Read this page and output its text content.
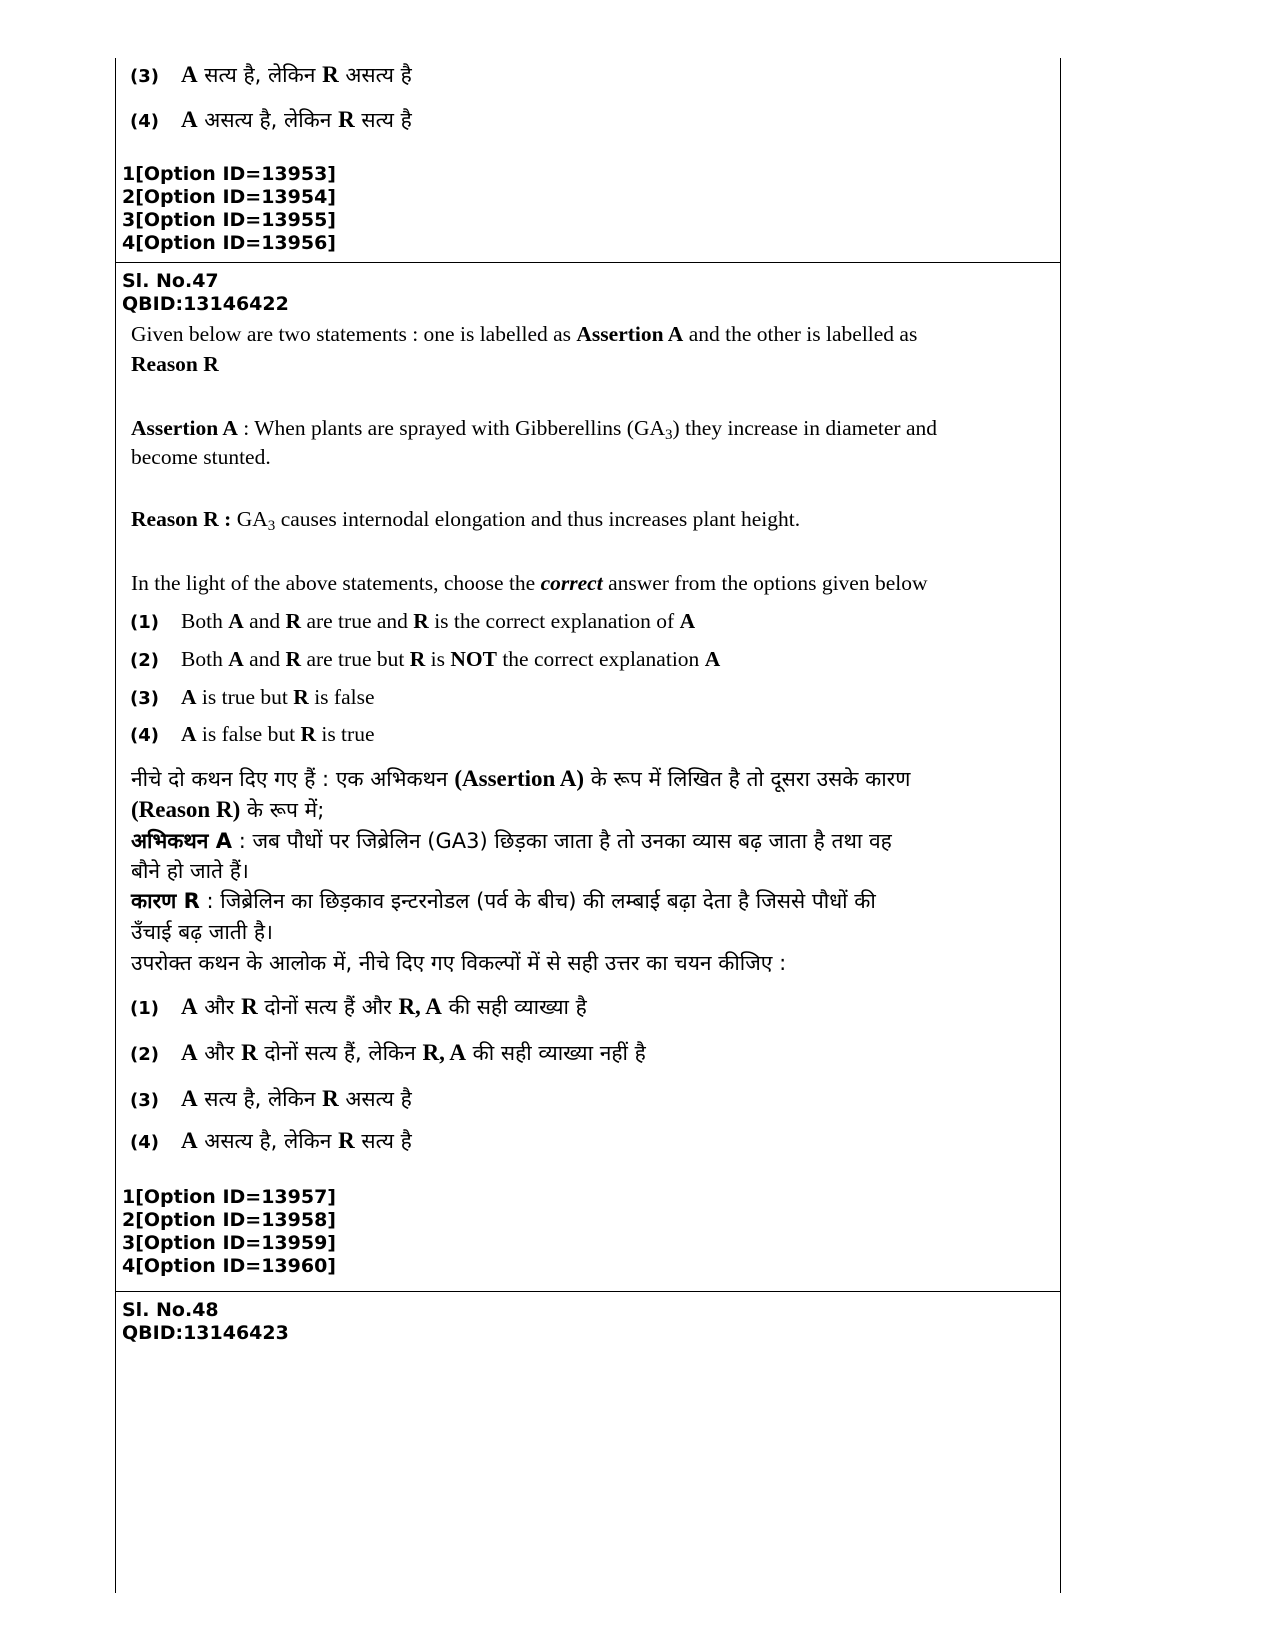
(3) A सत्य है, लेकिन R असत्य है
(4) A असत्य है, लेकिन R सत्य है
1[Option ID=13953]
2[Option ID=13954]
3[Option ID=13955]
4[Option ID=13956]
Sl. No.47
QBID:13146422
Given below are two statements : one is labelled as Assertion A and the other is labelled as
Reason R
Assertion A : When plants are sprayed with Gibberellins $(GA_3)$ they increase in diameter and
become stunted.
Reason R : $GA_3$ causes internodal elongation and thus increases plant height.
In the light of the above statements, choose the correct answer from the options given below
(1) Both A and R are true and R is the correct explanation of A
(2) Both A and R are true but R is NOT the correct explanation A
(3) A is true but R is false
(4) A is false but R is true
नीचे दो कथन दिए गए हैं : एक अभिकथन (Assertion A) के रूप में लिखित है तो दूसरा उसके कारण
(Reason R) के रूप में;
अभिकथन A : जब पौधों पर जिब्रेलिन (GA3) छिड़का जाता है तो उनका व्यास बढ़ जाता है तथा वह
बौने हो जाते हैं।
कारण R : जिब्रेलिन का छिड़काव इन्टरनोडल (पर्व के बीच) की लम्बाई बढ़ा देता है जिससे पौधों की
उँचाई बढ़ जाती है।
उपरोक्त कथन के आलोक में, नीचे दिए गए विकल्पों में से सही उत्तर का चयन कीजिए :
(1) A और R दोनों सत्य हैं और R, A की सही व्याख्या है
(2) A और R दोनों सत्य हैं, लेकिन R, A की सही व्याख्या नहीं है
(3) A सत्य है, लेकिन R असत्य है
(4) A असत्य है, लेकिन R सत्य है
1[Option ID=13957]
2[Option ID=13958]
3[Option ID=13959]
4[Option ID=13960]
Sl. No.48
QBID:13146423
